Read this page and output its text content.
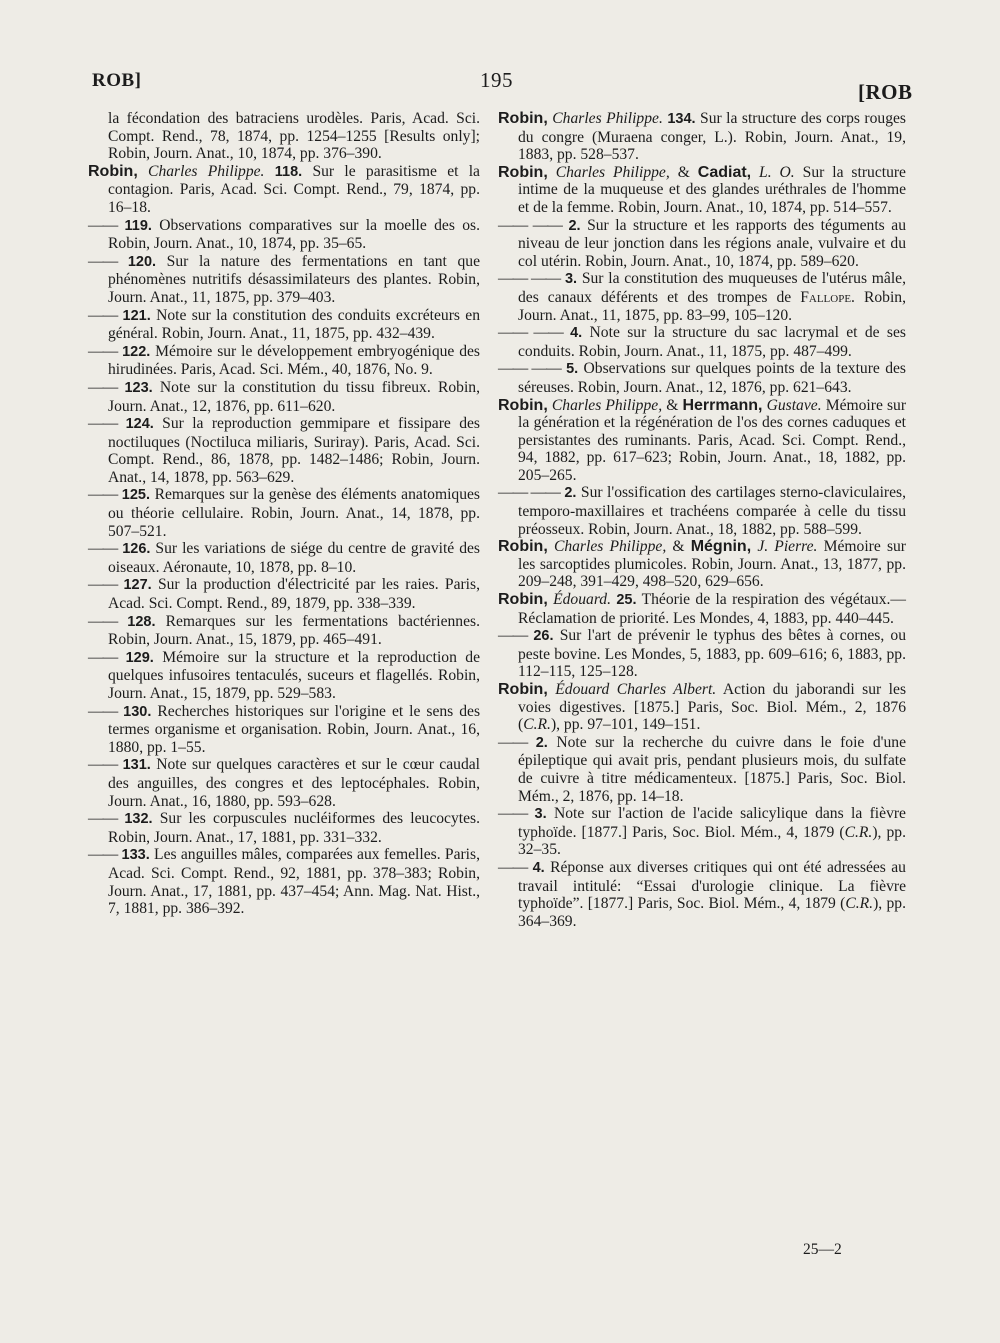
ROB]	195	[ROB

la fécondation des batraciens urodèles. Paris, Acad. Sci. Compt. Rend., 78, 1874, pp. 1254–1255 [Results only]; Robin, Journ. Anat., 10, 1874, pp. 376–390.

Robin, Charles Philippe. 118. Sur le parasitisme et la contagion. Paris, Acad. Sci. Compt. Rend., 79, 1874, pp. 16–18.

—— 119. Observations comparatives sur la moelle des os. Robin, Journ. Anat., 10, 1874, pp. 35–65.

—— 120. Sur la nature des fermentations en tant que phénomènes nutritifs désassimilateurs des plantes. Robin, Journ. Anat., 11, 1875, pp. 379–403.

—— 121. Note sur la constitution des conduits excréteurs en général. Robin, Journ. Anat., 11, 1875, pp. 432–439.

—— 122. Mémoire sur le développement embryogénique des hirudinées. Paris, Acad. Sci. Mém., 40, 1876, No. 9.

—— 123. Note sur la constitution du tissu fibreux. Robin, Journ. Anat., 12, 1876, pp. 611–620.

—— 124. Sur la reproduction gemmipare et fissipare des noctiluques (Noctiluca miliaris, Suriray). Paris, Acad. Sci. Compt. Rend., 86, 1878, pp. 1482–1486; Robin, Journ. Anat., 14, 1878, pp. 563–629.

—— 125. Remarques sur la genèse des éléments anatomiques ou théorie cellulaire. Robin, Journ. Anat., 14, 1878, pp. 507–521.

—— 126. Sur les variations de siége du centre de gravité des oiseaux. Aéronaute, 10, 1878, pp. 8–10.

—— 127. Sur la production d'électricité par les raies. Paris, Acad. Sci. Compt. Rend., 89, 1879, pp. 338–339.

—— 128. Remarques sur les fermentations bactériennes. Robin, Journ. Anat., 15, 1879, pp. 465–491.

—— 129. Mémoire sur la structure et la reproduction de quelques infusoires tentaculés, suceurs et flagellés. Robin, Journ. Anat., 15, 1879, pp. 529–583.

—— 130. Recherches historiques sur l'origine et le sens des termes organisme et organisation. Robin, Journ. Anat., 16, 1880, pp. 1–55.

—— 131. Note sur quelques caractères et sur le cœur caudal des anguilles, des congres et des leptocéphales. Robin, Journ. Anat., 16, 1880, pp. 593–628.

—— 132. Sur les corpuscules nucléiformes des leucocytes. Robin, Journ. Anat., 17, 1881, pp. 331–332.

—— 133. Les anguilles mâles, comparées aux femelles. Paris, Acad. Sci. Compt. Rend., 92, 1881, pp. 378–383; Robin, Journ. Anat., 17, 1881, pp. 437–454; Ann. Mag. Nat. Hist., 7, 1881, pp. 386–392.

Robin, Charles Philippe. 134. Sur la structure des corps rouges du congre (Muraena conger, L.). Robin, Journ. Anat., 19, 1883, pp. 528–537.

Robin, Charles Philippe, & Cadiat, L. O. Sur la structure intime de la muqueuse et des glandes uréthrales de l'homme et de la femme. Robin, Journ. Anat., 10, 1874, pp. 514–557.

—— —— 2. Sur la structure et les rapports des téguments au niveau de leur jonction dans les régions anale, vulvaire et du col utérin. Robin, Journ. Anat., 10, 1874, pp. 589–620.

—— —— 3. Sur la constitution des muqueuses de l'utérus mâle, des canaux déférents et des trompes de Fallope. Robin, Journ. Anat., 11, 1875, pp. 83–99, 105–120.

—— —— 4. Note sur la structure du sac lacrymal et de ses conduits. Robin, Journ. Anat., 11, 1875, pp. 487–499.

—— —— 5. Observations sur quelques points de la texture des séreuses. Robin, Journ. Anat., 12, 1876, pp. 621–643.

Robin, Charles Philippe, & Herrmann, Gustave. Mémoire sur la génération et la régénération de l'os des cornes caduques et persistantes des ruminants. Paris, Acad. Sci. Compt. Rend., 94, 1882, pp. 617–623; Robin, Journ. Anat., 18, 1882, pp. 205–265.

—— —— 2. Sur l'ossification des cartilages sterno-claviculaires, temporo-maxillaires et trachéens comparée à celle du tissu préosseux. Robin, Journ. Anat., 18, 1882, pp. 588–599.

Robin, Charles Philippe, & Mégnin, J. Pierre. Mémoire sur les sarcoptides plumicoles. Robin, Journ. Anat., 13, 1877, pp. 209–248, 391–429, 498–520, 629–656.

Robin, Édouard. 25. Théorie de la respiration des végétaux.—Réclamation de priorité. Les Mondes, 4, 1883, pp. 440–445.

—— 26. Sur l'art de prévenir le typhus des bêtes à cornes, ou peste bovine. Les Mondes, 5, 1883, pp. 609–616; 6, 1883, pp. 112–115, 125–128.

Robin, Édouard Charles Albert. Action du jaborandi sur les voies digestives. [1875.] Paris, Soc. Biol. Mém., 2, 1876 (C.R.), pp. 97–101, 149–151.

—— 2. Note sur la recherche du cuivre dans le foie d'une épileptique qui avait pris, pendant plusieurs mois, du sulfate de cuivre à titre médicamenteux. [1875.] Paris, Soc. Biol. Mém., 2, 1876, pp. 14–18.

—— 3. Note sur l'action de l'acide salicylique dans la fièvre typhoïde. [1877.] Paris, Soc. Biol. Mém., 4, 1879 (C.R.), pp. 32–35.

—— 4. Réponse aux diverses critiques qui ont été adressées au travail intitulé: “Essai d'urologie clinique. La fièvre typhoïde”. [1877.] Paris, Soc. Biol. Mém., 4, 1879 (C.R.), pp. 364–369.

25—2
